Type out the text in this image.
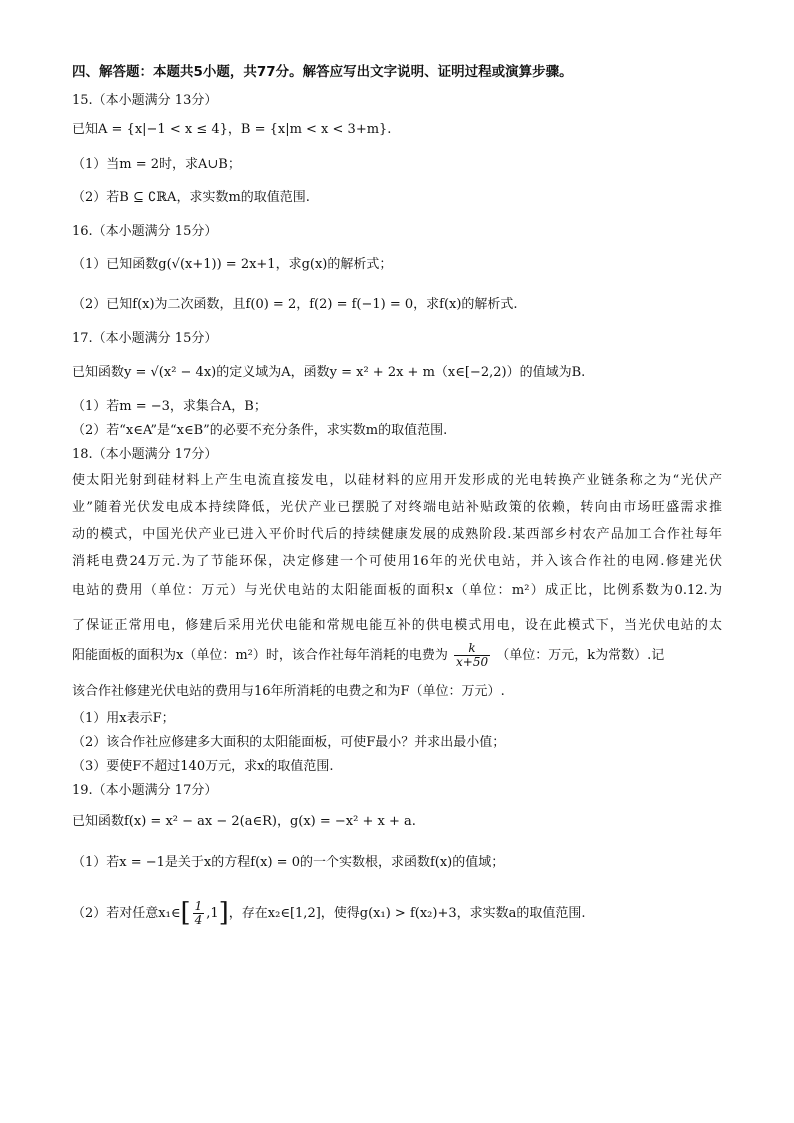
四、解答题：本题共5小题，共77分。解答应写出文字说明、证明过程或演算步骤。
15.（本小题满分 13分）
已知A = {x|−1 < x ≤ 4}，B = {x|m < x < 3+m}.
（1）当m = 2时，求A∪B；
（2）若B ⊆ ∁ℝA，求实数m的取值范围.
16.（本小题满分 15分）
（1）已知函数g(√(x+1)) = 2x+1，求g(x)的解析式；
（2）已知f(x)为二次函数，且f(0) = 2，f(2) = f(−1) = 0，求f(x)的解析式.
17.（本小题满分 15分）
已知函数y = √(x² − 4x)的定义域为A，函数y = x² + 2x + m（x∈[−2,2)）的值域为B.
（1）若m = −3，求集合A，B；
（2）若“x∈A”是“x∈B”的必要不充分条件，求实数m的取值范围.
18.（本小题满分 17分）
使太阳光射到硅材料上产生电流直接发电，以硅材料的应用开发形成的光电转换产业链条称之为“光伏产
业”随着光伏发电成本持续降低，光伏产业已摆脱了对终端电站补贴政策的依赖，转向由市场旺盛需求推
动的模式，中国光伏产业已进入平价时代后的持续健康发展的成熟阶段.某西部乡村农产品加工合作社每年
消耗电费24万元.为了节能环保，决定修建一个可使用16年的光伏电站，并入该合作社的电网.修建光伏
电站的费用（单位：万元）与光伏电站的太阳能面板的面积x（单位：m²）成正比，比例系数为0.12.为
了保证正常用电，修建后采用光伏电能和常规电能互补的供电模式用电，设在此模式下，当光伏电站的太
阳能面板的面积为x（单位：m²）时，该合作社每年消耗的电费为 $\frac{k}{x+50}$ （单位：万元，k为常数）.记
该合作社修建光伏电站的费用与16年所消耗的电费之和为F（单位：万元）.
（1）用x表示F；
（2）该合作社应修建多大面积的太阳能面板，可使F最小？并求出最小值；
（3）要使F不超过140万元，求x的取值范围.
19.（本小题满分 17分）
已知函数f(x) = x² − ax − 2(a∈R)，g(x) = −x² + x + a.
（1）若x = −1是关于x的方程f(x) = 0的一个实数根，求函数f(x)的值域；
（2）若对任意x₁∈[ $\frac{1}{4} ,1$]，存在x₂∈[1,2]，使得g(x₁) > f(x₂)+3，求实数a的取值范围.
